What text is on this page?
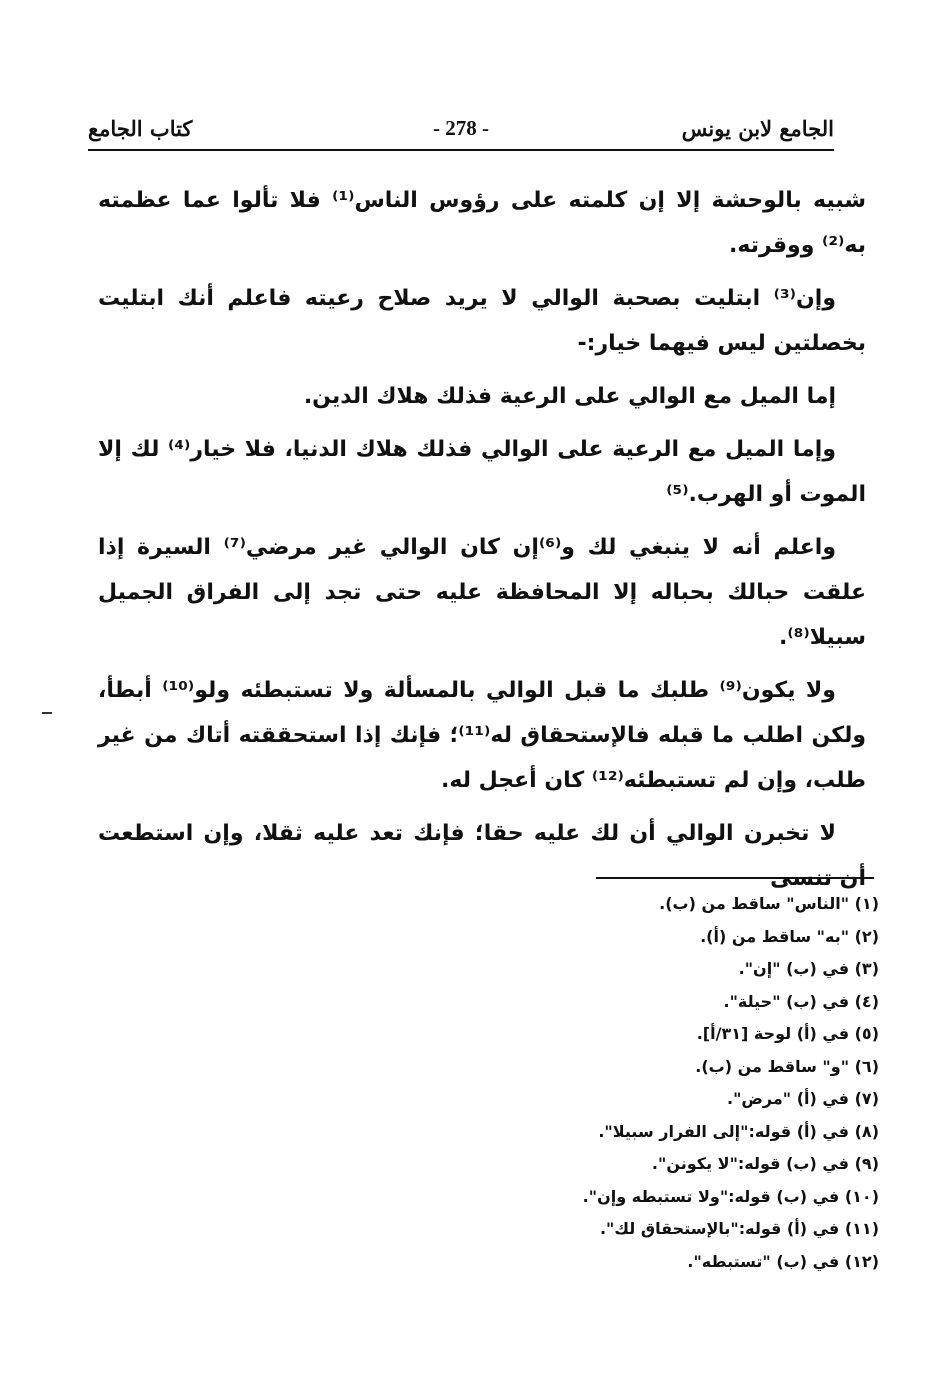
الجامع لابن يونس
- 278 -
كتاب الجامع

شبيه بالوحشة إلا إن كلمته على رؤوس الناس⁽¹⁾ فلا تألوا عما عظمته به⁽²⁾ ووقرته.

وإن⁽³⁾ ابتليت بصحبة الوالي لا يريد صلاح رعيته فاعلم أنك ابتليت بخصلتين ليس فيهما خيار:-

إما الميل مع الوالي على الرعية فذلك هلاك الدين.

وإما الميل مع الرعية على الوالي فذلك هلاك الدنيا، فلا خيار⁽⁴⁾ لك إلا الموت أو الهرب.⁽⁵⁾

واعلم أنه لا ينبغي لك و⁽⁶⁾إن كان الوالي غير مرضي⁽⁷⁾ السيرة إذا علقت حبالك بحباله إلا المحافظة عليه حتى تجد إلى الفراق الجميل سبيلا⁽⁸⁾.

ولا يكون⁽⁹⁾ طلبك ما قبل الوالي بالمسألة ولا تستبطئه ولو⁽¹⁰⁾ أبطأ، ولكن اطلب ما قبله فالإستحقاق له⁽¹¹⁾؛ فإنك إذا استحققته أتاك من غير طلب، وإن لم تستبطئه⁽¹²⁾ كان أعجل له.

لا تخبرن الوالي أن لك عليه حقا؛ فإنك تعد عليه ثقلا، وإن استطعت أن تنسى

(١) "الناس" ساقط من (ب).
(٢) "به" ساقط من (أ).
(٣) في (ب) "إن".
(٤) في (ب) "حيلة".
(٥) في (أ) لوحة [٣١/أ].
(٦) "و" ساقط من (ب).
(٧) في (أ) "مرض".
(٨) في (أ) قوله:"إلى الفرار سبيلا".
(٩) في (ب) قوله:"لا يكونن".
(١٠) في (ب) قوله:"ولا تستبطه وإن".
(١١) في (أ) قوله:"بالإستحقاق لك".
(١٢) في (ب) "تستبطه".
